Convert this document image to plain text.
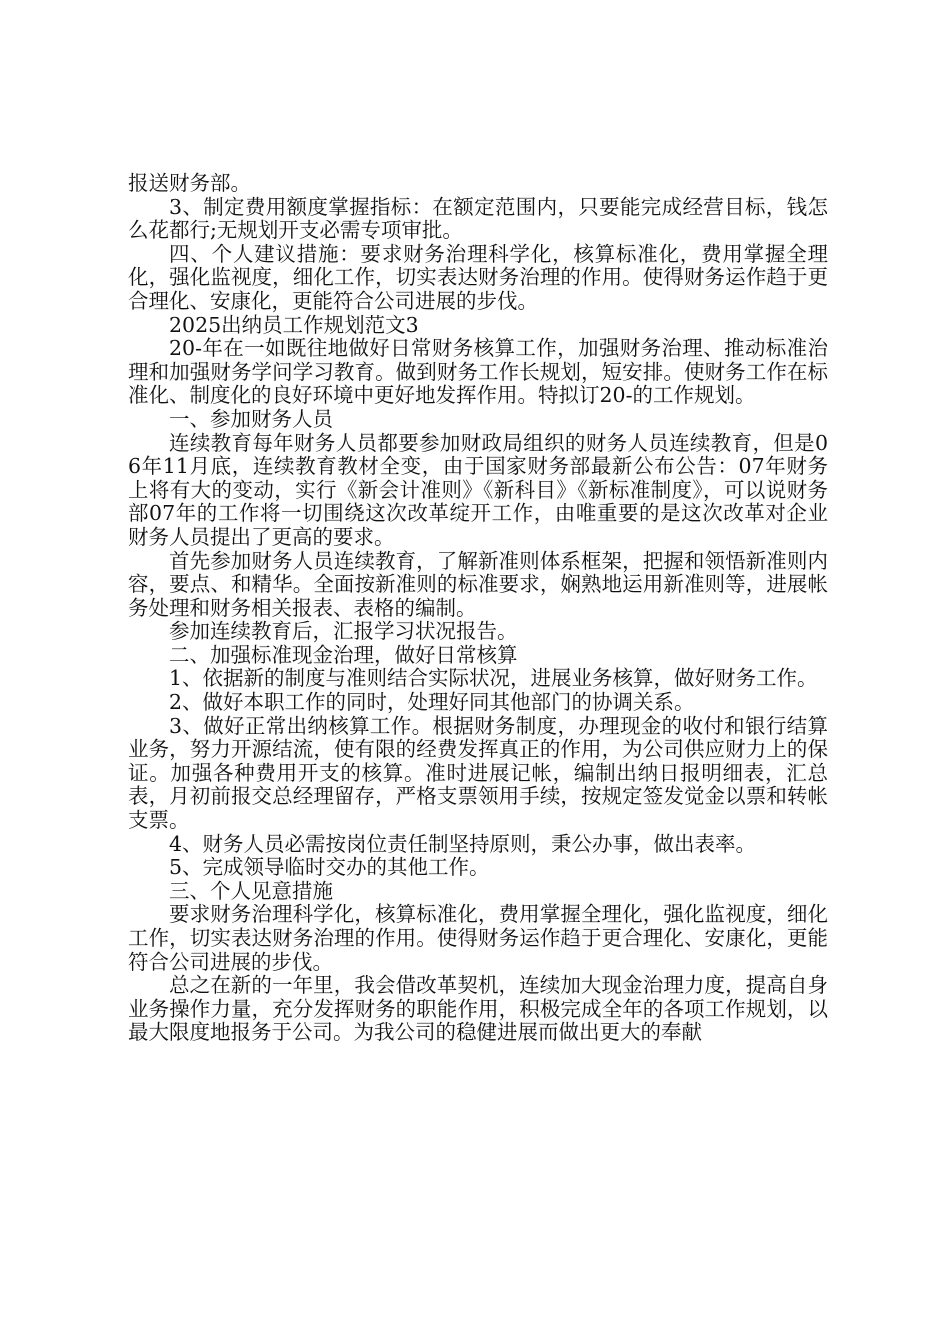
报送财务部。

3、制定费用额度掌握指标：在额定范围内，只要能完成经营目标，钱怎么花都行;无规划开支必需专项审批。

四、个人建议措施：要求财务治理科学化，核算标准化，费用掌握全理化，强化监视度，细化工作，切实表达财务治理的作用。使得财务运作趋于更合理化、安康化，更能符合公司进展的步伐。

2025出纳员工作规划范文3

20-年在一如既往地做好日常财务核算工作，加强财务治理、推动标准治理和加强财务学问学习教育。做到财务工作长规划，短安排。使财务工作在标准化、制度化的良好环境中更好地发挥作用。特拟订20-的工作规划。

一、参加财务人员

连续教育每年财务人员都要参加财政局组织的财务人员连续教育，但是06年11月底，连续教育教材全变，由于国家财务部最新公布公告：07年财务上将有大的变动，实行《新会计准则》《新科目》《新标准制度》，可以说财务部07年的工作将一切围绕这次改革绽开工作，由唯重要的是这次改革对企业财务人员提出了更高的要求。

首先参加财务人员连续教育，了解新准则体系框架，把握和领悟新准则内容，要点、和精华。全面按新准则的标准要求，娴熟地运用新准则等，进展帐务处理和财务相关报表、表格的编制。

参加连续教育后，汇报学习状况报告。

二、加强标准现金治理，做好日常核算

1、依据新的制度与准则结合实际状况，进展业务核算，做好财务工作。

2、做好本职工作的同时，处理好同其他部门的协调关系。

3、做好正常出纳核算工作。根据财务制度，办理现金的收付和银行结算业务，努力开源结流，使有限的经费发挥真正的作用，为公司供应财力上的保证。加强各种费用开支的核算。准时进展记帐，编制出纳日报明细表，汇总表，月初前报交总经理留存，严格支票领用手续，按规定签发觉金以票和转帐支票。

4、财务人员必需按岗位责任制坚持原则，秉公办事，做出表率。

5、完成领导临时交办的其他工作。

三、个人见意措施

要求财务治理科学化，核算标准化，费用掌握全理化，强化监视度，细化工作，切实表达财务治理的作用。使得财务运作趋于更合理化、安康化，更能符合公司进展的步伐。

总之在新的一年里，我会借改革契机，连续加大现金治理力度，提高自身业务操作力量，充分发挥财务的职能作用，积极完成全年的各项工作规划，以最大限度地报务于公司。为我公司的稳健进展而做出更大的奉献
